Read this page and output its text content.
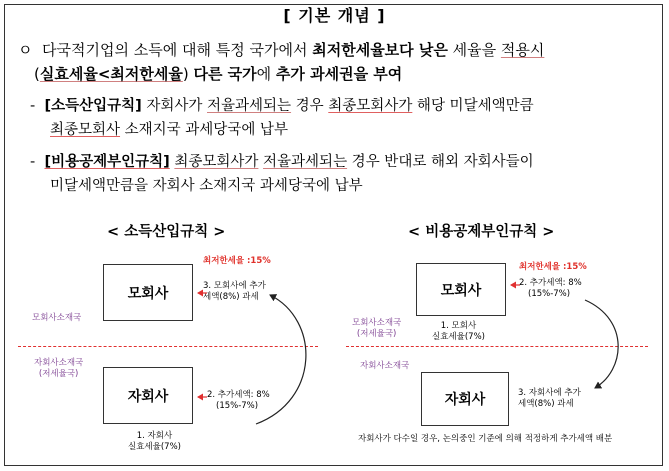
[ 기본 개념 ]
ㅇ 다국적기업의 소득에 대해 특정 국가에서 최저한세율보다 낮은 세율을 적용시
(실효세율<최저한세율) 다른 국가에 추가 과세권을 부여
- [소득산입규칙] 자회사가 저율과세되는 경우 최종모회사가 해당 미달세액만큼
최종모회사 소재지국 과세당국에 납부
- [비용공제부인규칙] 최종모회사가 저율과세되는 경우 반대로 해외 자회사들이
미달세액만큼을 자회사 소재지국 과세당국에 납부
< 소득산입규칙 >
최저한세율 :15%
모회사	3. 모회사에 추가
세액(8%) 과세
모회사소재국
자회사소재국
(저세율국)
자회사	2. 추가세액: 8%
(15%-7%)
1. 자회사
실효세율(7%)
< 비용공제부인규칙 >
최저한세율 :15%
모회사	2. 추가세액: 8%
(15%-7%)
모회사소재국
(저세율국)
1. 모회사
실효세율(7%)
자회사소재국
자회사	3. 자회사에 추가
세액(8%) 과세
자회사가 다수일 경우, 논의중인 기준에 의해 적정하게 추가세액 배분
